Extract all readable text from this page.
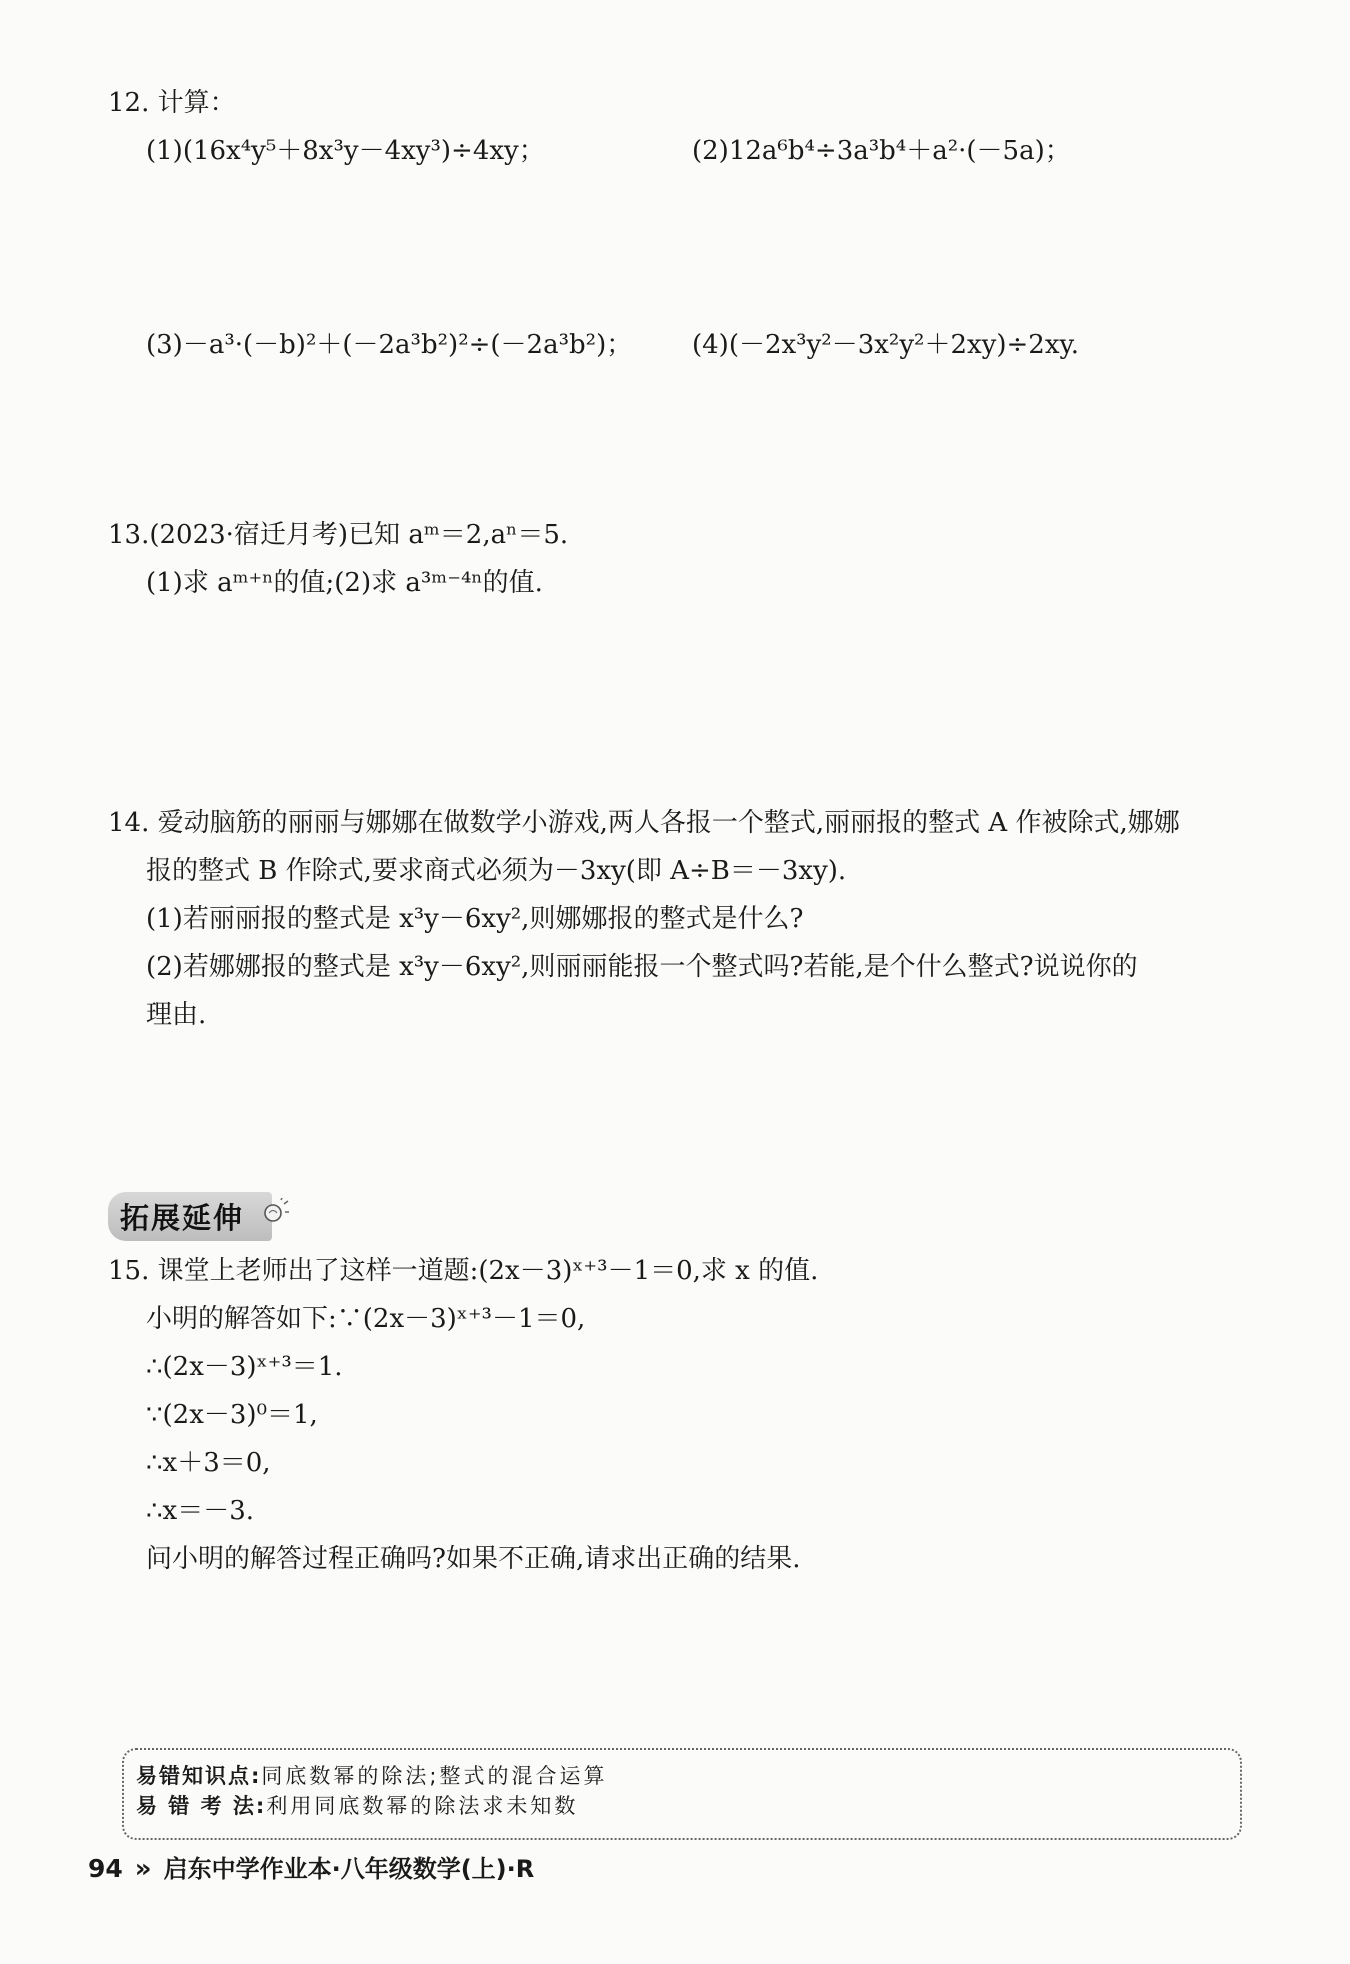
12. 计算：
(1)(16x⁴y⁵＋8x³y－4xy³)÷4xy；	(2)12a⁶b⁴÷3a³b⁴＋a²·(－5a)；
(3)－a³·(－b)²＋(－2a³b²)²÷(－2a³b²)； (4)(－2x³y²－3x²y²＋2xy)÷2xy.
13.(2023·宿迁月考)已知 aᵐ＝2,aⁿ＝5.
(1)求 aᵐ⁺ⁿ的值;(2)求 a³ᵐ⁻⁴ⁿ的值.
14. 爱动脑筋的丽丽与娜娜在做数学小游戏,两人各报一个整式,丽丽报的整式 A 作被除式,娜娜
报的整式 B 作除式,要求商式必须为－3xy(即 A÷B＝－3xy).
(1)若丽丽报的整式是 x³y－6xy²,则娜娜报的整式是什么?
(2)若娜娜报的整式是 x³y－6xy²,则丽丽能报一个整式吗?若能,是个什么整式?说说你的
理由.
拓展延伸
15. 课堂上老师出了这样一道题:(2x－3)ˣ⁺³－1＝0,求 x 的值.
小明的解答如下:∵(2x－3)ˣ⁺³－1＝0,
∴(2x－3)ˣ⁺³＝1.
∵(2x－3)⁰＝1,
∴x＋3＝0,
∴x＝－3.
问小明的解答过程正确吗?如果不正确,请求出正确的结果.
易错知识点:同底数幂的除法;整式的混合运算
易 错 考 法:利用同底数幂的除法求未知数
94 » 启东中学作业本·八年级数学(上)·R
